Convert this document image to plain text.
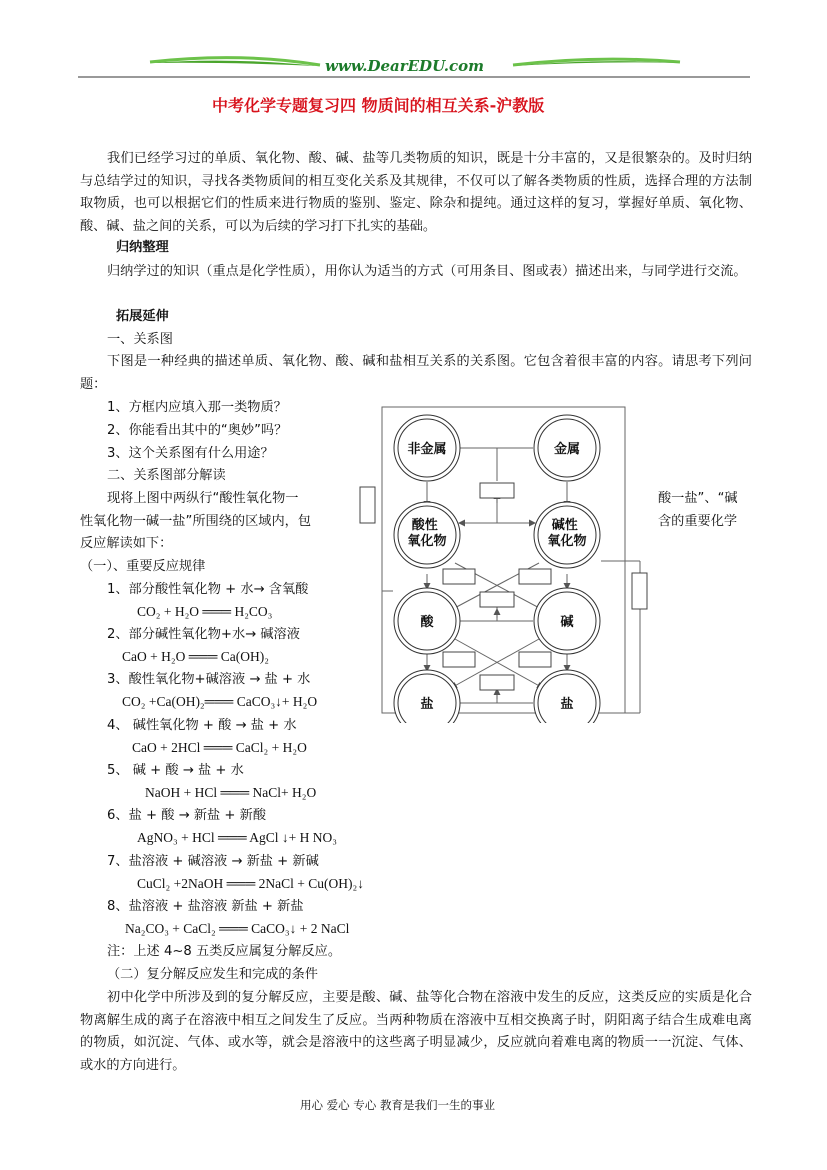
www.DearEDU.com
中考化学专题复习四 物质间的相互关系-沪教版
我们已经学习过的单质、氧化物、酸、碱、盐等几类物质的知识，既是十分丰富的，又是很繁杂的。及时归纳与总结学过的知识，寻找各类物质间的相互变化关系及其规律，不仅可以了解各类物质的性质，选择合理的方法制取物质，也可以根据它们的性质来进行物质的鉴别、鉴定、除杂和提纯。通过这样的复习，掌握好单质、氧化物、酸、碱、盐之间的关系，可以为后续的学习打下扎实的基础。
归纳整理
归纳学过的知识（重点是化学性质），用你认为适当的方式（可用条目、图或表）描述出来，与同学进行交流。
拓展延伸
一、关系图
下图是一种经典的描述单质、氧化物、酸、碱和盐相互关系的关系图。它包含着很丰富的内容。请思考下列问题：
1、方框内应填入那一类物质？
2、你能看出其中的“奥妙”吗？
3、这个关系图有什么用途？
二、关系图部分解读
现将上图中两纵行“酸性氧化物一	酸一盐”、“碱
性氧化物一碱一盐”所围绕的区域内，包	含的重要化学
反应解读如下：
（一）、重要反应规律
1、部分酸性氧化物 + 水→ 含氧酸
CO₂ + H₂O ═══ H₂CO₃
2、部分碱性氧化物+水→ 碱溶液
CaO + H₂O ═══ Ca(OH)₂
3、酸性氧化物+碱溶液 → 盐 + 水
CO₂ +Ca(OH)₂═══ CaCO₃↓+ H₂O
4、 碱性氧化物 + 酸 → 盐 + 水
CaO + 2HCl ═══ CaCl₂ + H₂O
5、 碱 + 酸 → 盐 + 水
NaOH + HCl ═══ NaCl+ H₂O
6、盐 + 酸 → 新盐 + 新酸
AgNO₃ + HCl ═══ AgCl ↓+ H NO₃
7、盐溶液 + 碱溶液 → 新盐 + 新碱
CuCl₂ +2NaOH ═══ 2NaCl + Cu(OH)₂↓
8、盐溶液 + 盐溶液 新盐 + 新盐
Na₂CO₃ + CaCl₂ ═══ CaCO₃↓ + 2 NaCl
注：上述 4~8 五类反应属复分解反应。
（二）复分解反应发生和完成的条件
初中化学中所涉及到的复分解反应，主要是酸、碱、盐等化合物在溶液中发生的反应，这类反应的实质是化合物离解生成的离子在溶液中相互之间发生了反应。当两种物质在溶液中互相交换离子时，阴阳离子结合生成难电离的物质，如沉淀、气体、或水等，就会是溶液中的这些离子明显减少，反应就向着难电离的物质一一沉淀、气体、或水的方向进行。
非金属	金属
酸性 氧化物
碱性 氧化物
酸	碱
盐	盐
用心 爱心 专心 教育是我们一生的事业
